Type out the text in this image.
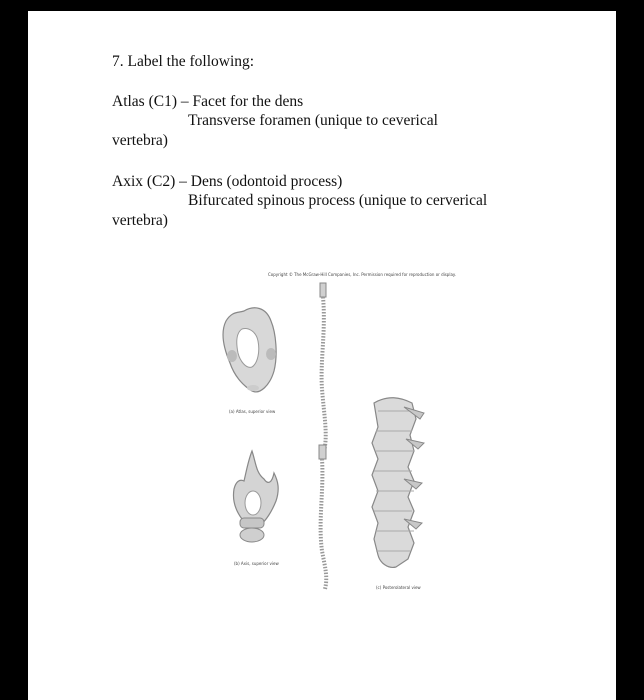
7. Label the following:
Atlas (C1) – Facet for the dens
Transverse foramen (unique to ceverical
vertebra)
Axix (C2) – Dens (odontoid process)
Bifurcated spinous process (unique to cerverical
vertebra)
Copyright © The McGraw-Hill Companies, Inc. Permission required for reproduction or display.
(a) Atlas, superior view
(b) Axis, superior view
(c) Posterolateral view
